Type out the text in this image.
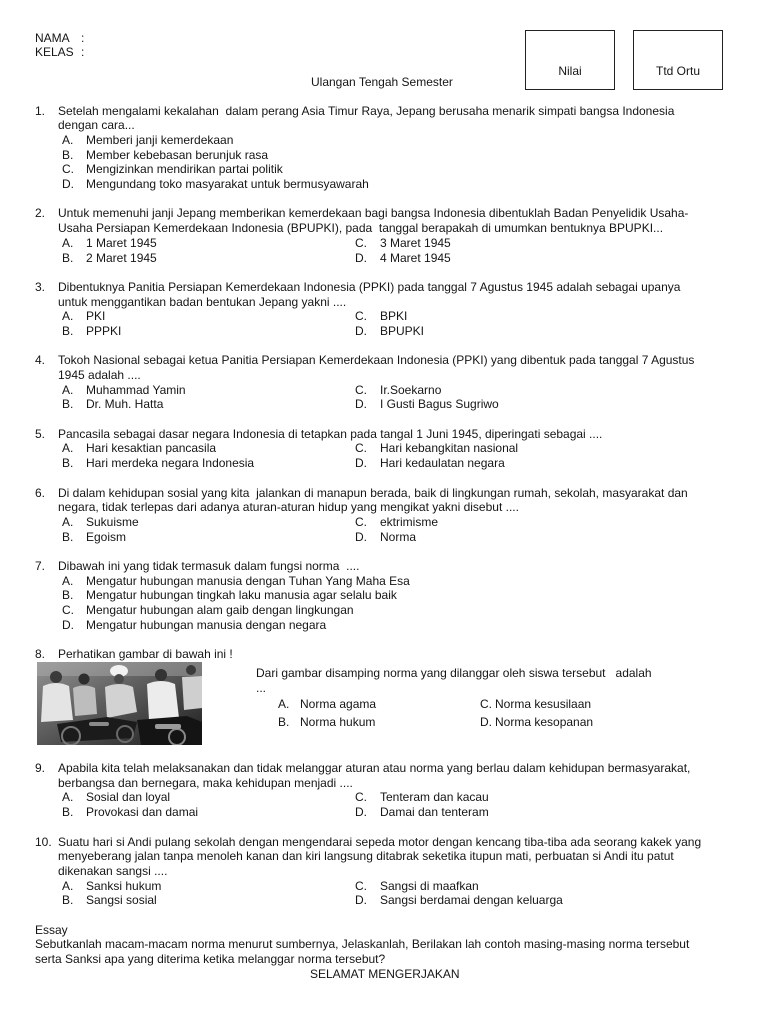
NAMA :
KELAS :
Ulangan Tengah Semester
Nilai	Ttd Ortu
1. Setelah mengalami kekalahan  dalam perang Asia Timur Raya, Jepang berusaha menarik simpati bangsa Indonesia
dengan cara...
A. Memberi janji kemerdekaan
B. Member kebebasan berunjuk rasa
C. Mengizinkan mendirikan partai politik
D. Mengundang toko masyarakat untuk bermusyawarah
2. Untuk memenuhi janji Jepang memberikan kemerdekaan bagi bangsa Indonesia dibentuklah Badan Penyelidik Usaha-
Usaha Persiapan Kemerdekaan Indonesia (BPUPKI), pada  tanggal berapakah di umumkan bentuknya BPUPKI...
A. 1 Maret 1945	C. 3 Maret 1945
B. 2 Maret 1945	D. 4 Maret 1945
3. Dibentuknya Panitia Persiapan Kemerdekaan Indonesia (PPKI) pada tanggal 7 Agustus 1945 adalah sebagai upanya
untuk menggantikan badan bentukan Jepang yakni ....
A. PKI	C. BPKI
B. PPPKI	D. BPUPKI
4. Tokoh Nasional sebagai ketua Panitia Persiapan Kemerdekaan Indonesia (PPKI) yang dibentuk pada tanggal 7 Agustus
1945 adalah ....
A. Muhammad Yamin	C. Ir.Soekarno
B. Dr. Muh. Hatta	D. I Gusti Bagus Sugriwo
5. Pancasila sebagai dasar negara Indonesia di tetapkan pada tangal 1 Juni 1945, diperingati sebagai ....
A. Hari kesaktian pancasila	C. Hari kebangkitan nasional
B. Hari merdeka negara Indonesia	D. Hari kedaulatan negara
6. Di dalam kehidupan sosial yang kita  jalankan di manapun berada, baik di lingkungan rumah, sekolah, masyarakat dan
negara, tidak terlepas dari adanya aturan-aturan hidup yang mengikat yakni disebut ....
A. Sukuisme	C. ektrimisme
B. Egoism	D. Norma
7. Dibawah ini yang tidak termasuk dalam fungsi norma  ....
A. Mengatur hubungan manusia dengan Tuhan Yang Maha Esa
B. Mengatur hubungan tingkah laku manusia agar selalu baik
C. Mengatur hubungan alam gaib dengan lingkungan
D. Mengatur hubungan manusia dengan negara
8. Perhatikan gambar di bawah ini !
Dari gambar disamping norma yang dilanggar oleh siswa tersebut   adalah
...
A. Norma agama	C. Norma kesusilaan
B. Norma hukum	D. Norma kesopanan
9. Apabila kita telah melaksanakan dan tidak melanggar aturan atau norma yang berlau dalam kehidupan bermasyarakat,
berbangsa dan bernegara, maka kehidupan menjadi ....
A. Sosial dan loyal	C. Tenteram dan kacau
B. Provokasi dan damai	D. Damai dan tenteram
10. Suatu hari si Andi pulang sekolah dengan mengendarai sepeda motor dengan kencang tiba-tiba ada seorang kakek yang
menyeberang jalan tanpa menoleh kanan dan kiri langsung ditabrak seketika itupun mati, perbuatan si Andi itu patut
dikenakan sangsi ....
A. Sanksi hukum	C. Sangsi di maafkan
B. Sangsi sosial	D. Sangsi berdamai dengan keluarga
Essay
Sebutkanlah macam-macam norma menurut sumbernya, Jelaskanlah, Berilakan lah contoh masing-masing norma tersebut
serta Sanksi apa yang diterima ketika melanggar norma tersebut?
SELAMAT MENGERJAKAN
